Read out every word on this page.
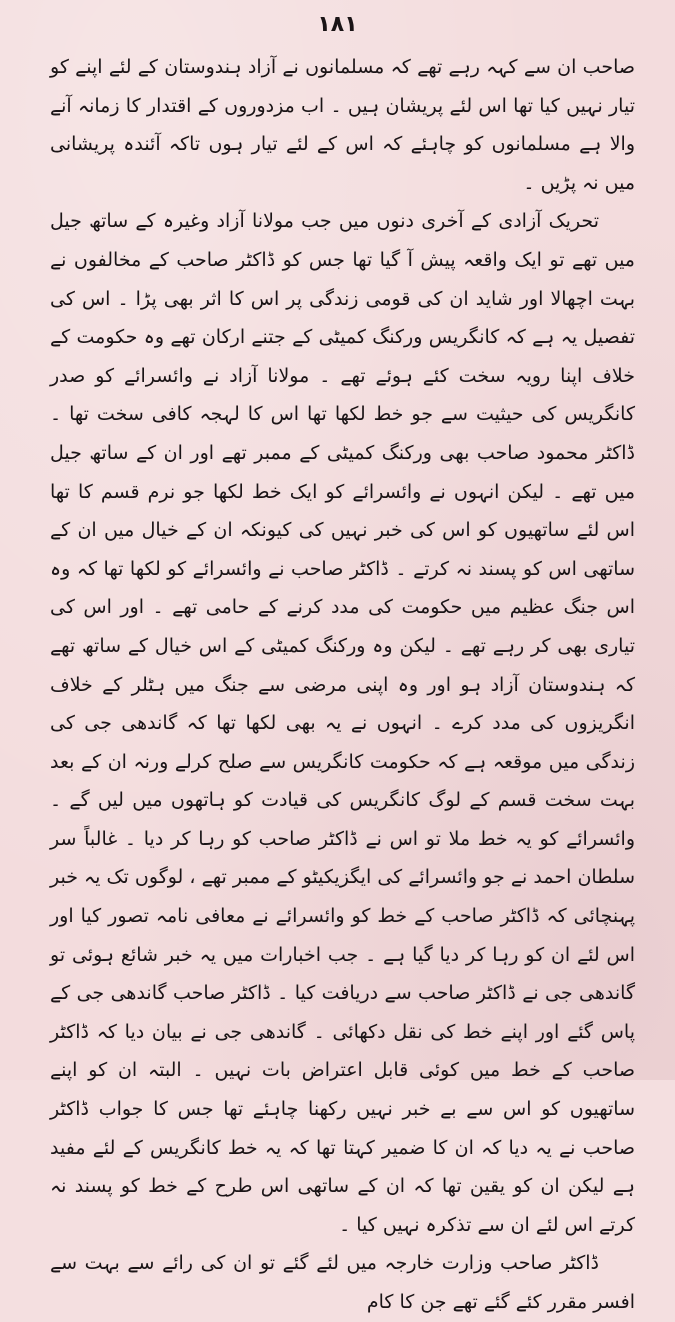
۱۸۱

صاحب ان سے کہہ رہے تھے کہ مسلمانوں نے آزاد ہندوستان کے لئے اپنے کو تیار نہیں کیا تھا اس لئے پریشان ہیں ۔ اب مزدوروں کے اقتدار کا زمانہ آنے والا ہے مسلمانوں کو چاہئے کہ اس کے لئے تیار ہوں تاکہ آئندہ پریشانی میں نہ پڑیں ۔

تحریک آزادی کے آخری دنوں میں جب مولانا آزاد وغیرہ کے ساتھ جیل میں تھے تو ایک واقعہ پیش آ گیا تھا جس کو ڈاکٹر صاحب کے مخالفوں نے بہت اچھالا اور شاید ان کی قومی زندگی پر اس کا اثر بھی پڑا ۔ اس کی تفصیل یہ ہے کہ کانگریس ورکنگ کمیٹی کے جتنے ارکان تھے وہ حکومت کے خلاف اپنا رویہ سخت کئے ہوئے تھے ۔ مولانا آزاد نے وائسرائے کو صدر کانگریس کی حیثیت سے جو خط لکھا تھا اس کا لہجہ کافی سخت تھا ۔ ڈاکٹر محمود صاحب بھی ورکنگ کمیٹی کے ممبر تھے اور ان کے ساتھ جیل میں تھے ۔ لیکن انہوں نے وائسرائے کو ایک خط لکھا جو نرم قسم کا تھا اس لئے ساتھیوں کو اس کی خبر نہیں کی کیونکہ ان کے خیال میں ان کے ساتھی اس کو پسند نہ کرتے ۔ ڈاکٹر صاحب نے وائسرائے کو لکھا تھا کہ وہ اس جنگ عظیم میں حکومت کی مدد کرنے کے حامی تھے ۔ اور اس کی تیاری بھی کر رہے تھے ۔ لیکن وہ ورکنگ کمیٹی کے اس خیال کے ساتھ تھے کہ ہندوستان آزاد ہو اور وہ اپنی مرضی سے جنگ میں ہٹلر کے خلاف انگریزوں کی مدد کرے ۔ انہوں نے یہ بھی لکھا تھا کہ گاندھی جی کی زندگی میں موقعہ ہے کہ حکومت کانگریس سے صلح کرلے ورنہ ان کے بعد بہت سخت قسم کے لوگ کانگریس کی قیادت کو ہاتھوں میں لیں گے ۔ وائسرائے کو یہ خط ملا تو اس نے ڈاکٹر صاحب کو رہا کر دیا ۔ غالباً سر سلطان احمد نے جو وائسرائے کی ایگزیکیٹو کے ممبر تھے ، لوگوں تک یہ خبر پہنچائی کہ ڈاکٹر صاحب کے خط کو وائسرائے نے معافی نامہ تصور کیا اور اس لئے ان کو رہا کر دیا گیا ہے ۔ جب اخبارات میں یہ خبر شائع ہوئی تو گاندھی جی نے ڈاکٹر صاحب سے دریافت کیا ۔ ڈاکٹر صاحب گاندھی جی کے پاس گئے اور اپنے خط کی نقل دکھائی ۔ گاندھی جی نے بیان دیا کہ ڈاکٹر صاحب کے خط میں کوئی قابل اعتراض بات نہیں ۔ البتہ ان کو اپنے ساتھیوں کو اس سے بے خبر نہیں رکھنا چاہئے تھا جس کا جواب ڈاکٹر صاحب نے یہ دیا کہ ان کا ضمیر کہتا تھا کہ یہ خط کانگریس کے لئے مفید ہے لیکن ان کو یقین تھا کہ ان کے ساتھی اس طرح کے خط کو پسند نہ کرتے اس لئے ان سے تذکرہ نہیں کیا ۔

ڈاکٹر صاحب وزارت خارجہ میں لئے گئے تو ان کی رائے سے بہت سے افسر مقرر کئے گئے تھے جن کا کام
